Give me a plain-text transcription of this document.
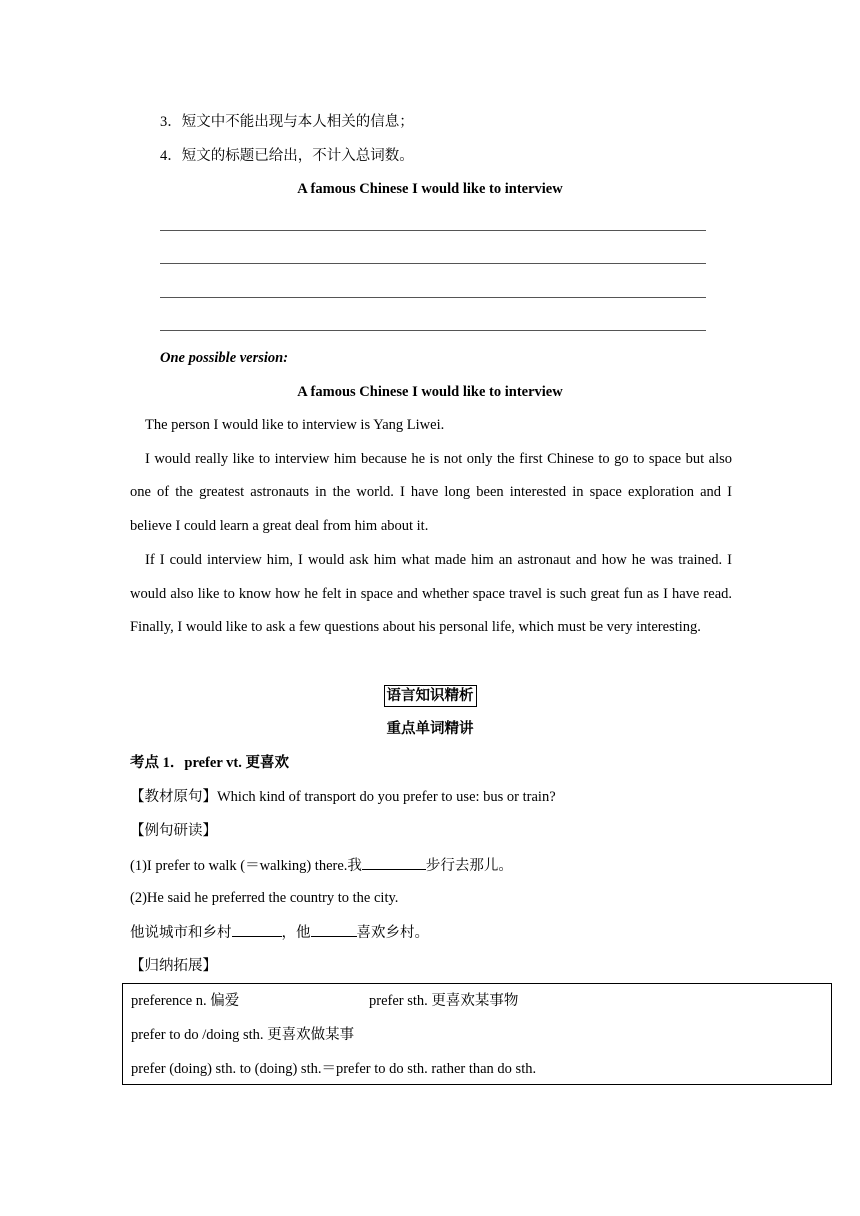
3．短文中不能出现与本人相关的信息；
4．短文的标题已给出，不计入总词数。
A famous Chinese I would like to interview
One possible version:
A famous Chinese I would like to interview

The person I would like to interview is Yang Liwei.

I would really like to interview him because he is not only the first Chinese to go to space but also one of the greatest astronauts in the world. I have long been interested in space exploration and I believe I could learn a great deal from him about it.

If I could interview him, I would ask him what made him an astronaut and how he was trained. I would also like to know how he felt in space and whether space travel is such great fun as I have read. Finally, I would like to ask a few questions about his personal life, which must be very interesting.

语言知识精析
重点单词精讲
考点 1．prefer vt. 更喜欢
【教材原句】Which kind of transport do you prefer to use: bus or train?
【例句研读】
(1)I prefer to walk (＝walking) there.我	步行去那儿。
(2)He said he preferred the country to the city.
他说城市和乡村	，他	喜欢乡村。
【归纳拓展】
preference n. 偏爱	prefer sth. 更喜欢某事物
prefer to do /doing sth. 更喜欢做某事
prefer (doing) sth. to (doing) sth.＝prefer to do sth. rather than do sth.
